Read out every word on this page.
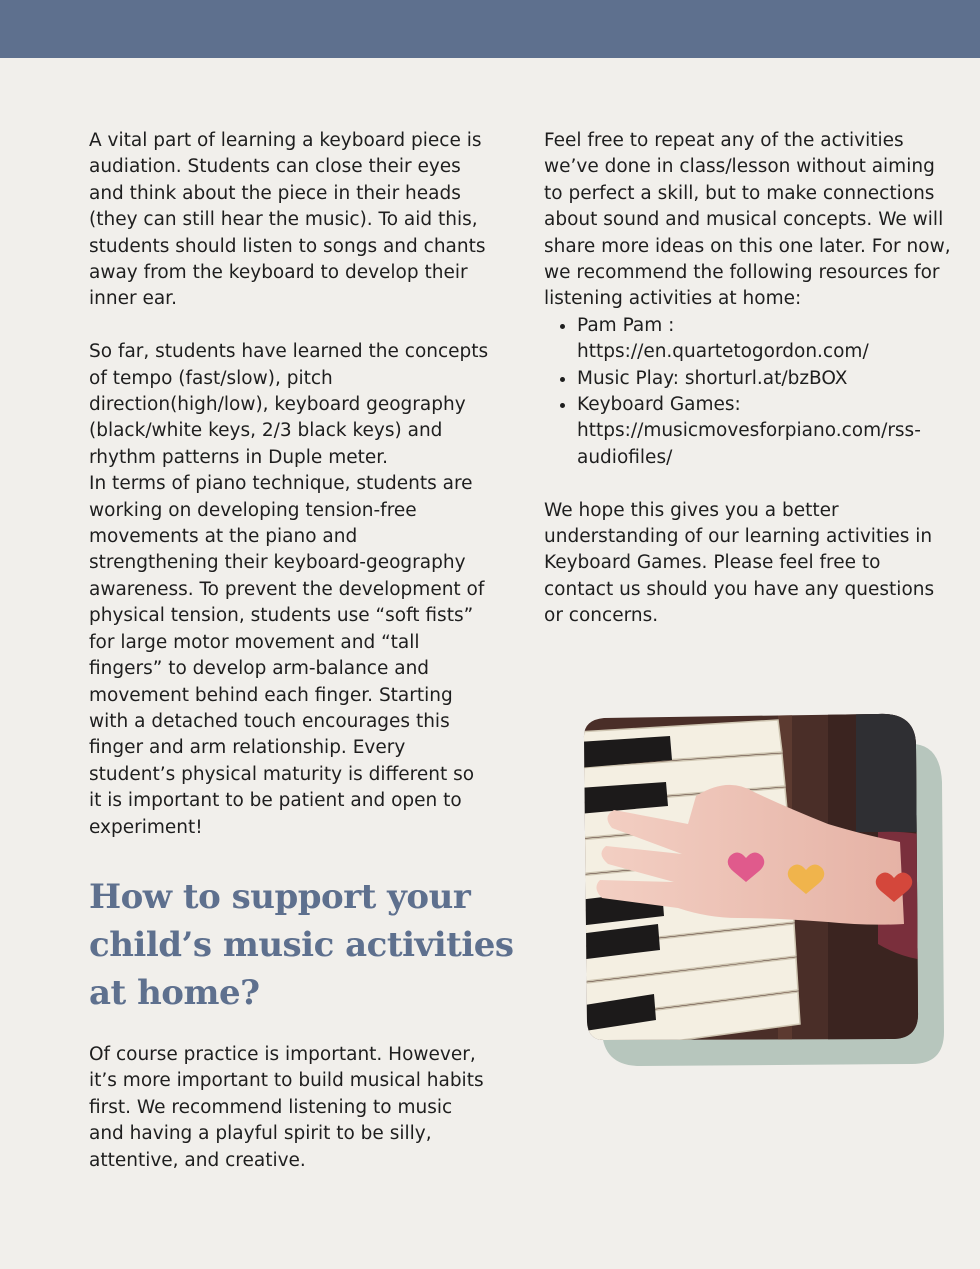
A vital part of learning a keyboard piece is audiation. Students can close their eyes and think about the piece in their heads (they can still hear the music). To aid this, students should listen to songs and chants away from the keyboard to develop their inner ear.

So far, students have learned the concepts of tempo (fast/slow), pitch direction(high/low), keyboard geography (black/white keys, 2/3 black keys) and rhythm patterns in Duple meter.

In terms of piano technique, students are working on developing tension-free movements at the piano and strengthening their keyboard-geography awareness. To prevent the development of physical tension, students use “soft fists” for large motor movement and “tall fingers” to develop arm-balance and movement behind each finger. Starting with a detached touch encourages this finger and arm relationship. Every student’s physical maturity is different so it is important to be patient and open to experiment!

How to support your child’s music activities at home?

Of course practice is important. However, it’s more important to build musical habits first. We recommend listening to music and having a playful spirit to be silly, attentive, and creative.

Feel free to repeat any of the activities we’ve done in class/lesson without aiming to perfect a skill, but to make connections about sound and musical concepts. We will share more ideas on this one later. For now, we recommend the following resources for listening activities at home:

• Pam Pam :
https://en.quartetogordon.com/
• Music Play: shorturl.at/bzBOX
• Keyboard Games:
https://musicmovesforpiano.com/rss-audiofiles/

We hope this gives you a better understanding of our learning activities in Keyboard Games. Please feel free to contact us should you have any questions or concerns.
